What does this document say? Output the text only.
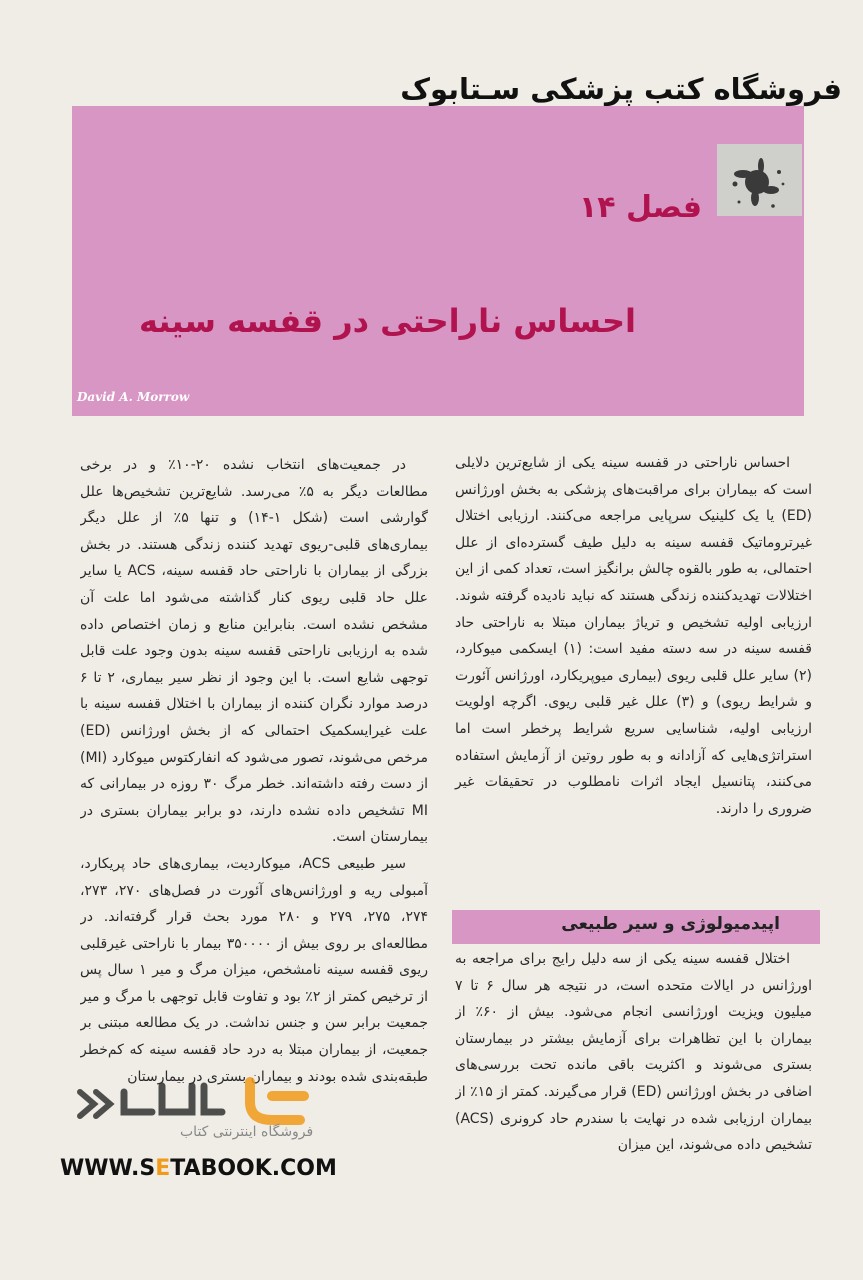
فروشگاه کتب پزشکی سـتابوک
فصل ۱۴
احساس ناراحتی در قفسه سینه
David A. Morrow

احساس ناراحتی در قفسه سینه یکی از شایع‌ترین دلایلی است که بیماران برای مراقبت‌های پزشکی به بخش اورژانس (ED) یا یک کلینیک سرپایی مراجعه می‌کنند. ارزیابی اختلال غیرتروماتیک قفسه سینه به دلیل طیف گسترده‌ای از علل احتمالی، به طور بالقوه چالش برانگیز است، تعداد کمی از این اختلالات تهدیدکننده زندگی هستند که نباید نادیده گرفته شوند. ارزیابی اولیه تشخیص و تریاژ بیماران مبتلا به ناراحتی حاد قفسه سینه در سه دسته مفید است: (۱) ایسکمی میوکارد، (۲) سایر علل قلبی ریوی (بیماری میوپریکارد، اورژانس آئورت و شرایط ریوی) و (۳) علل غیر قلبی ریوی. اگرچه اولویت ارزیابی اولیه، شناسایی سریع شرایط پرخطر است اما استراتژی‌هایی که آزادانه و به طور روتین از آزمایش استفاده می‌کنند، پتانسیل ایجاد اثرات نامطلوب در تحقیقات غیر ضروری را دارند.

اپیدمیولوژی و سیر طبیعی

اختلال قفسه سینه یکی از سه دلیل رایج برای مراجعه به اورژانس در ایالات متحده است، در نتیجه هر سال ۶ تا ۷ میلیون ویزیت اورژانسی انجام می‌شود. بیش از ۶۰٪ از بیماران با این تظاهرات برای آزمایش بیشتر در بیمارستان بستری می‌شوند و اکثریت باقی مانده تحت بررسی‌های اضافی در بخش اورژانس (ED) قرار می‌گیرند. کمتر از ۱۵٪ از بیماران ارزیابی شده در نهایت با سندرم حاد کرونری (ACS) تشخیص داده می‌شوند، این میزان

در جمعیت‌های انتخاب نشده ۲۰-۱۰٪ و در برخی مطالعات دیگر به ۵٪ می‌رسد. شایع‌ترین تشخیص‌ها علل گوارشی است (شکل ۱-۱۴) و تنها ۵٪ از علل دیگر بیماری‌های قلبی-ریوی تهدید کننده زندگی هستند. در بخش بزرگی از بیماران با ناراحتی حاد قفسه سینه، ACS یا سایر علل حاد قلبی ریوی کنار گذاشته می‌شود اما علت آن مشخص نشده است. بنابراین منابع و زمان اختصاص داده شده به ارزیابی ناراحتی قفسه سینه بدون وجود علت قابل توجهی شایع است. با این وجود از نظر سیر بیماری، ۲ تا ۶ درصد موارد نگران کننده از بیماران با اختلال قفسه سینه با علت غیرایسکمیک احتمالی که از بخش اورژانس (ED) مرخص می‌شوند، تصور می‌شود که انفارکتوس میوکارد (MI) از دست رفته داشته‌اند. خطر مرگ ۳۰ روزه در بیمارانی که MI تشخیص داده نشده دارند، دو برابر بیماران بستری در بیمارستان است.

سیر طبیعی ACS، میوکاردیت، بیماری‌های حاد پریکارد، آمبولی ریه و اورژانس‌های آئورت در فصل‌های ۲۷۰، ۲۷۳، ۲۷۴، ۲۷۵، ۲۷۹ و ۲۸۰ مورد بحث قرار گرفته‌اند. در مطالعه‌ای بر روی بیش از ۳۵۰۰۰۰ بیمار با ناراحتی غیرقلبی ریوی قفسه سینه نامشخص، میزان مرگ و میر ۱ سال پس از ترخیص کمتر از ۲٪ بود و تفاوت قابل توجهی با مرگ و میر جمعیت برابر سن و جنس نداشت. در یک مطالعه مبتنی بر جمعیت، از بیماران مبتلا به درد حاد قفسه سینه که کم‌خطر طبقه‌بندی شده بودند و بیماران بستری در بیمارستان

فروشگاه اینترنتی کتاب
WWW.SETABOOK.COM
